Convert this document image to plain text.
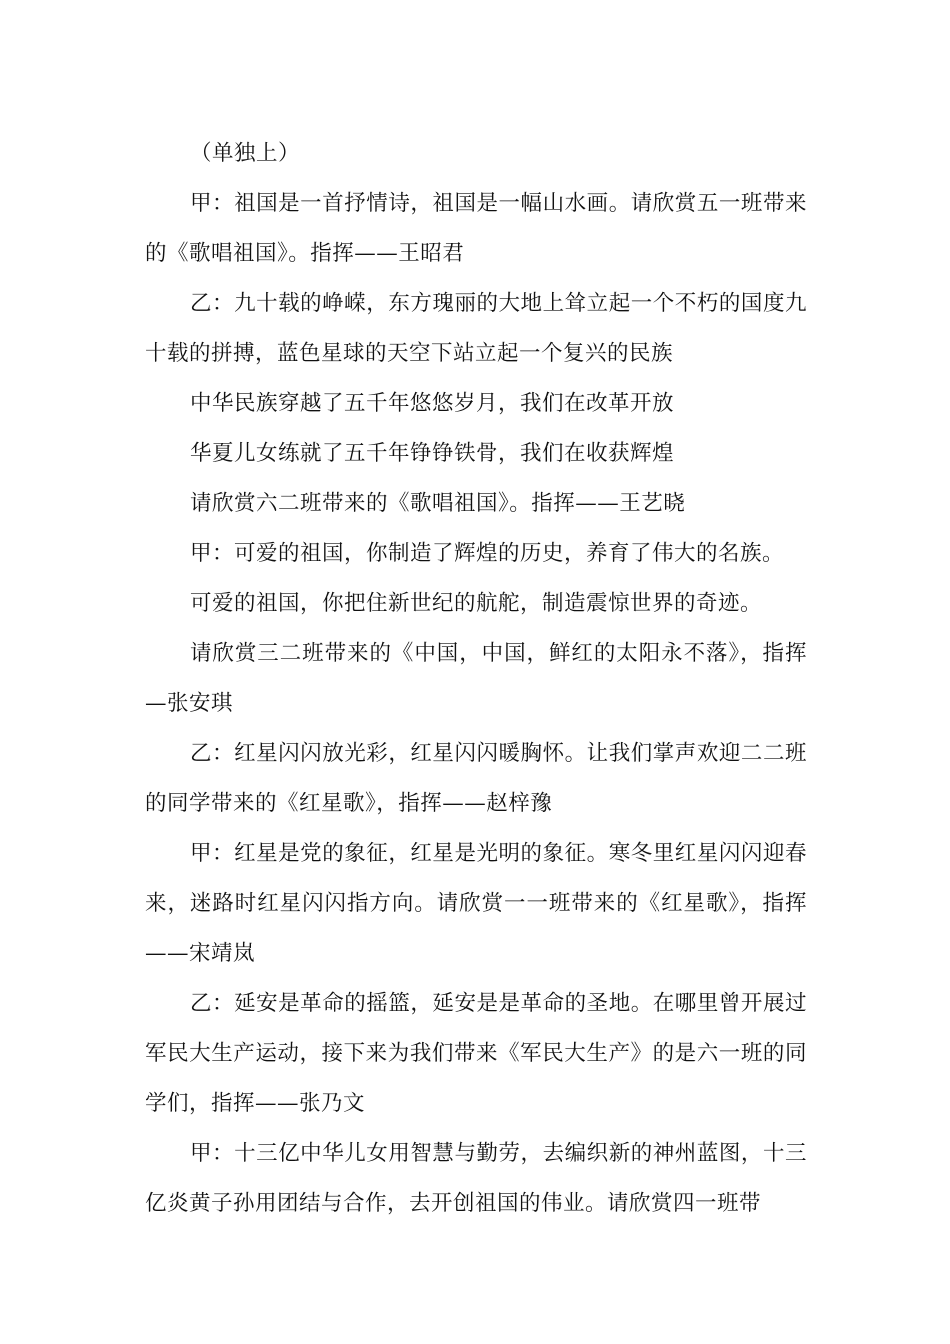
（单独上）

甲：祖国是一首抒情诗，祖国是一幅山水画。请欣赏五一班带来的《歌唱祖国》。指挥——王昭君

乙：九十载的峥嵘，东方瑰丽的大地上耸立起一个不朽的国度九十载的拼搏，蓝色星球的天空下站立起一个复兴的民族

中华民族穿越了五千年悠悠岁月，我们在改革开放

华夏儿女练就了五千年铮铮铁骨，我们在收获辉煌

请欣赏六二班带来的《歌唱祖国》。指挥——王艺晓

甲：可爱的祖国，你制造了辉煌的历史，养育了伟大的名族。

可爱的祖国，你把住新世纪的航舵，制造震惊世界的奇迹。

请欣赏三二班带来的《中国，中国，鲜红的太阳永不落》，指挥—张安琪

乙：红星闪闪放光彩，红星闪闪暖胸怀。让我们掌声欢迎二二班的同学带来的《红星歌》，指挥——赵梓豫

甲：红星是党的象征，红星是光明的象征。寒冬里红星闪闪迎春来，迷路时红星闪闪指方向。请欣赏一一班带来的《红星歌》，指挥——宋靖岚

乙：延安是革命的摇篮，延安是是革命的圣地。在哪里曾开展过军民大生产运动，接下来为我们带来《军民大生产》的是六一班的同学们，指挥——张乃文

甲：十三亿中华儿女用智慧与勤劳，去编织新的神州蓝图，十三亿炎黄子孙用团结与合作，去开创祖国的伟业。请欣赏四一班带
